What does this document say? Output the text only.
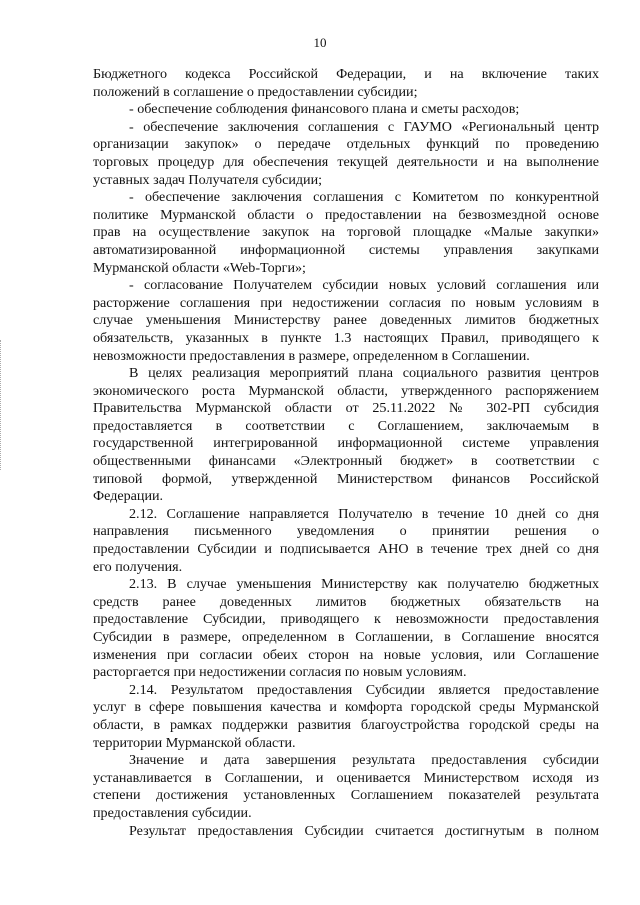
10
Бюджетного кодекса Российской Федерации, и на включение таких
положений в соглашение о предоставлении субсидии;
- обеспечение соблюдения финансового плана и сметы расходов;
- обеспечение заключения соглашения с ГАУМО «Региональный центр
организации закупок» о передаче отдельных функций по проведению
торговых процедур для обеспечения текущей деятельности и на выполнение
уставных задач Получателя субсидии;
- обеспечение заключения соглашения с Комитетом по конкурентной
политике Мурманской области о предоставлении на безвозмездной основе
прав на осуществление закупок на торговой площадке «Малые закупки»
автоматизированной информационной системы управления закупками
Мурманской области «Web-Торги»;
- согласование Получателем субсидии новых условий соглашения или
расторжение соглашения при недостижении согласия по новым условиям в
случае уменьшения Министерству ранее доведенных лимитов бюджетных
обязательств, указанных в пункте 1.3 настоящих Правил, приводящего к
невозможности предоставления в размере, определенном в Соглашении.
В целях реализация мероприятий плана социального развития центров
экономического роста Мурманской области, утвержденного распоряжением
Правительства Мурманской области от 25.11.2022 № 302-РП субсидия
предоставляется в соответствии с Соглашением, заключаемым в
государственной интегрированной информационной системе управления
общественными финансами «Электронный бюджет» в соответствии с
типовой формой, утвержденной Министерством финансов Российской
Федерации.
2.12. Соглашение направляется Получателю в течение 10 дней со дня
направления письменного уведомления о принятии решения о
предоставлении Субсидии и подписывается АНО в течение трех дней со дня
его получения.
2.13. В случае уменьшения Министерству как получателю бюджетных
средств ранее доведенных лимитов бюджетных обязательств на
предоставление Субсидии, приводящего к невозможности предоставления
Субсидии в размере, определенном в Соглашении, в Соглашение вносятся
изменения при согласии обеих сторон на новые условия, или Соглашение
расторгается при недостижении согласия по новым условиям.
2.14. Результатом предоставления Субсидии является предоставление
услуг в сфере повышения качества и комфорта городской среды Мурманской
области, в рамках поддержки развития благоустройства городской среды на
территории Мурманской области.
Значение и дата завершения результата предоставления субсидии
устанавливается в Соглашении, и оценивается Министерством исходя из
степени достижения установленных Соглашением показателей результата
предоставления субсидии.
Результат предоставления Субсидии считается достигнутым в полном
